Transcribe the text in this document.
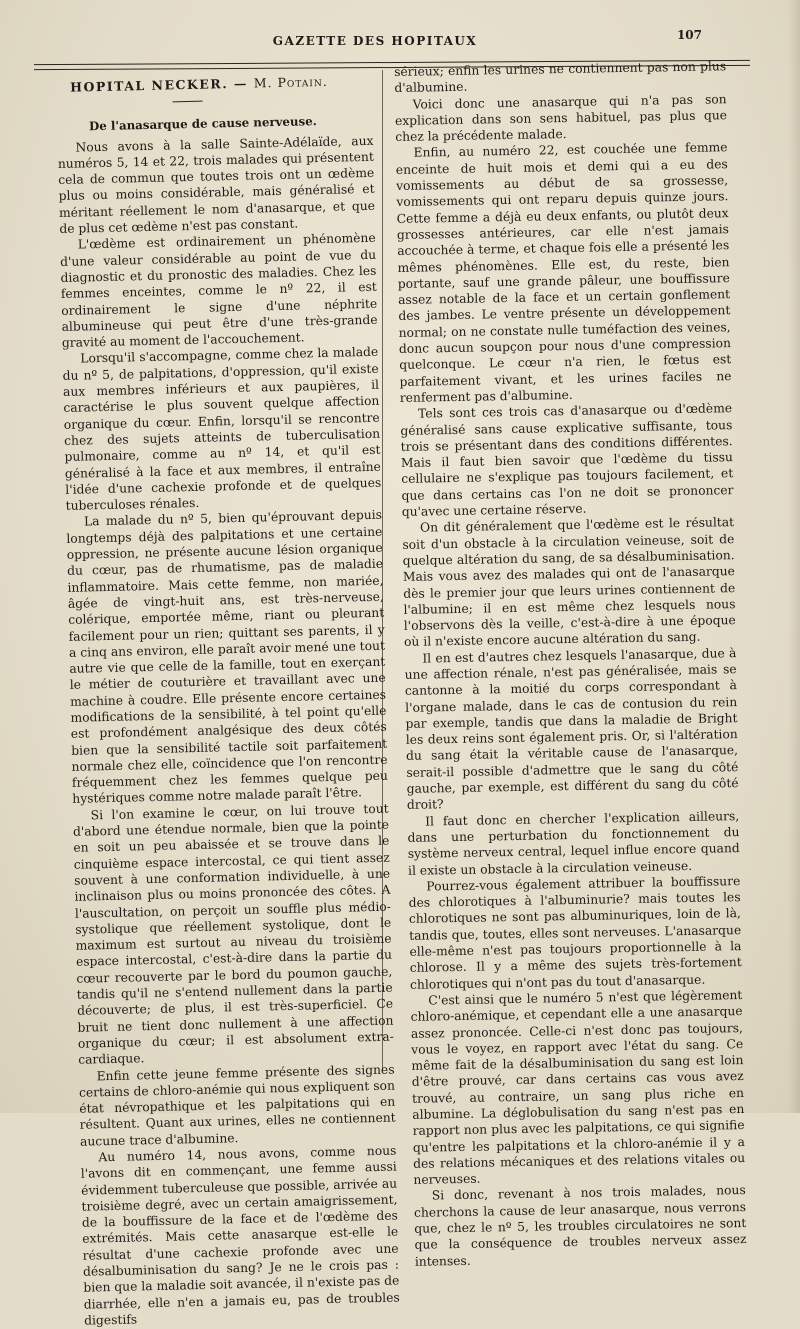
GAZETTE DES HOPITAUX	107
HOPITAL NECKER. — M. Potain.
De l'anasarque de cause nerveuse.

Nous avons à la salle Sainte-Adélaïde, aux numéros 5, 14 et 22, trois malades qui présentent cela de commun que toutes trois ont un œdème plus ou moins considérable, mais généralisé et méritant réellement le nom d'anasarque, et que de plus cet œdème n'est pas constant.

L'œdème est ordinairement un phénomène d'une valeur considérable au point de vue du diagnostic et du pronostic des maladies. Chez les femmes enceintes, comme le nº 22, il est ordinairement le signe d'une néphrite albumineuse qui peut être d'une très-grande gravité au moment de l'accouchement.

Lorsqu'il s'accompagne, comme chez la malade du nº 5, de palpitations, d'oppression, qu'il existe aux membres inférieurs et aux paupières, il caractérise le plus souvent quelque affection organique du cœur. Enfin, lorsqu'il se rencontre chez des sujets atteints de tuberculisation pulmonaire, comme au nº 14, et qu'il est généralisé à la face et aux membres, il entraîne l'idée d'une cachexie profonde et de quelques tuberculoses rénales.

La malade du nº 5, bien qu'éprouvant depuis longtemps déjà des palpitations et une certaine oppression, ne présente aucune lésion organique du cœur, pas de rhumatisme, pas de maladie inflammatoire. Mais cette femme, non mariée, âgée de vingt-huit ans, est très-nerveuse, colérique, emportée même, riant ou pleurant facilement pour un rien; quittant ses parents, il y a cinq ans environ, elle paraît avoir mené une tout autre vie que celle de la famille, tout en exerçant le métier de couturière et travaillant avec une machine à coudre. Elle présente encore certaines modifications de la sensibilité, à tel point qu'elle est profondément analgésique des deux côtés bien que la sensibilité tactile soit parfaitement normale chez elle, coïncidence que l'on rencontre fréquemment chez les femmes quelque peu hystériques comme notre malade paraît l'être.

Si l'on examine le cœur, on lui trouve tout d'abord une étendue normale, bien que la pointe en soit un peu abaissée et se trouve dans le cinquième espace intercostal, ce qui tient assez souvent à une conformation individuelle, à une inclinaison plus ou moins prononcée des côtes. A l'auscultation, on perçoit un souffle plus médio-systolique que réellement systolique, dont le maximum est surtout au niveau du troisième espace intercostal, c'est-à-dire dans la partie du cœur recouverte par le bord du poumon gauche, tandis qu'il ne s'entend nullement dans la partie découverte; de plus, il est très-superficiel. Ce bruit ne tient donc nullement à une affection organique du cœur; il est absolument extra-cardiaque.

Enfin cette jeune femme présente des signes certains de chloro-anémie qui nous expliquent son état névropathique et les palpitations qui en résultent. Quant aux urines, elles ne contiennent aucune trace d'albumine.

Au numéro 14, nous avons, comme nous l'avons dit en commençant, une femme aussi évidemment tuberculeuse que possible, arrivée au troisième degré, avec un certain amaigrissement, de la bouffissure de la face et de l'œdème des extrémités. Mais cette anasarque est-elle le résultat d'une cachexie profonde avec une désalbuminisation du sang? Je ne le crois pas : bien que la maladie soit avancée, il n'existe pas de diarrhée, elle n'en a jamais eu, pas de troubles digestifs

sérieux; enfin les urines ne contiennent pas non plus d'albumine.

Voici donc une anasarque qui n'a pas son explication dans son sens habituel, pas plus que chez la précédente malade.

Enfin, au numéro 22, est couchée une femme enceinte de huit mois et demi qui a eu des vomissements au début de sa grossesse, vomissements qui ont reparu depuis quinze jours. Cette femme a déjà eu deux enfants, ou plutôt deux grossesses antérieures, car elle n'est jamais accouchée à terme, et chaque fois elle a présenté les mêmes phénomènes. Elle est, du reste, bien portante, sauf une grande pâleur, une bouffissure assez notable de la face et un certain gonflement des jambes. Le ventre présente un développement normal; on ne constate nulle tuméfaction des veines, donc aucun soupçon pour nous d'une compression quelconque. Le cœur n'a rien, le fœtus est parfaitement vivant, et les urines faciles ne renferment pas d'albumine.

Tels sont ces trois cas d'anasarque ou d'œdème généralisé sans cause explicative suffisante, tous trois se présentant dans des conditions différentes. Mais il faut bien savoir que l'œdème du tissu cellulaire ne s'explique pas toujours facilement, et que dans certains cas l'on ne doit se prononcer qu'avec une certaine réserve.

On dit généralement que l'œdème est le résultat soit d'un obstacle à la circulation veineuse, soit de quelque altération du sang, de sa désalbuminisation. Mais vous avez des malades qui ont de l'anasarque dès le premier jour que leurs urines contiennent de l'albumine; il en est même chez lesquels nous l'observons dès la veille, c'est-à-dire à une époque où il n'existe encore aucune altération du sang.

Il en est d'autres chez lesquels l'anasarque, due à une affection rénale, n'est pas généralisée, mais se cantonne à la moitié du corps correspondant à l'organe malade, dans le cas de contusion du rein par exemple, tandis que dans la maladie de Bright les deux reins sont également pris. Or, si l'altération du sang était la véritable cause de l'anasarque, serait-il possible d'admettre que le sang du côté gauche, par exemple, est différent du sang du côté droit?

Il faut donc en chercher l'explication ailleurs, dans une perturbation du fonctionnement du système nerveux central, lequel influe encore quand il existe un obstacle à la circulation veineuse.

Pourrez-vous également attribuer la bouffissure des chlorotiques à l'albuminurie? mais toutes les chlorotiques ne sont pas albuminuriques, loin de là, tandis que, toutes, elles sont nerveuses. L'anasarque elle-même n'est pas toujours proportionnelle à la chlorose. Il y a même des sujets très-fortement chlorotiques qui n'ont pas du tout d'anasarque.

C'est ainsi que le numéro 5 n'est que légèrement chloro-anémique, et cependant elle a une anasarque assez prononcée. Celle-ci n'est donc pas toujours, vous le voyez, en rapport avec l'état du sang. Ce même fait de la désalbuminisation du sang est loin d'être prouvé, car dans certains cas vous avez trouvé, au contraire, un sang plus riche en albumine. La déglobulisation du sang n'est pas en rapport non plus avec les palpitations, ce qui signifie qu'entre les palpitations et la chloro-anémie il y a des relations mécaniques et des relations vitales ou nerveuses.

Si donc, revenant à nos trois malades, nous cherchons la cause de leur anasarque, nous verrons que, chez le nº 5, les troubles circulatoires ne sont que la conséquence de troubles nerveux assez intenses.
